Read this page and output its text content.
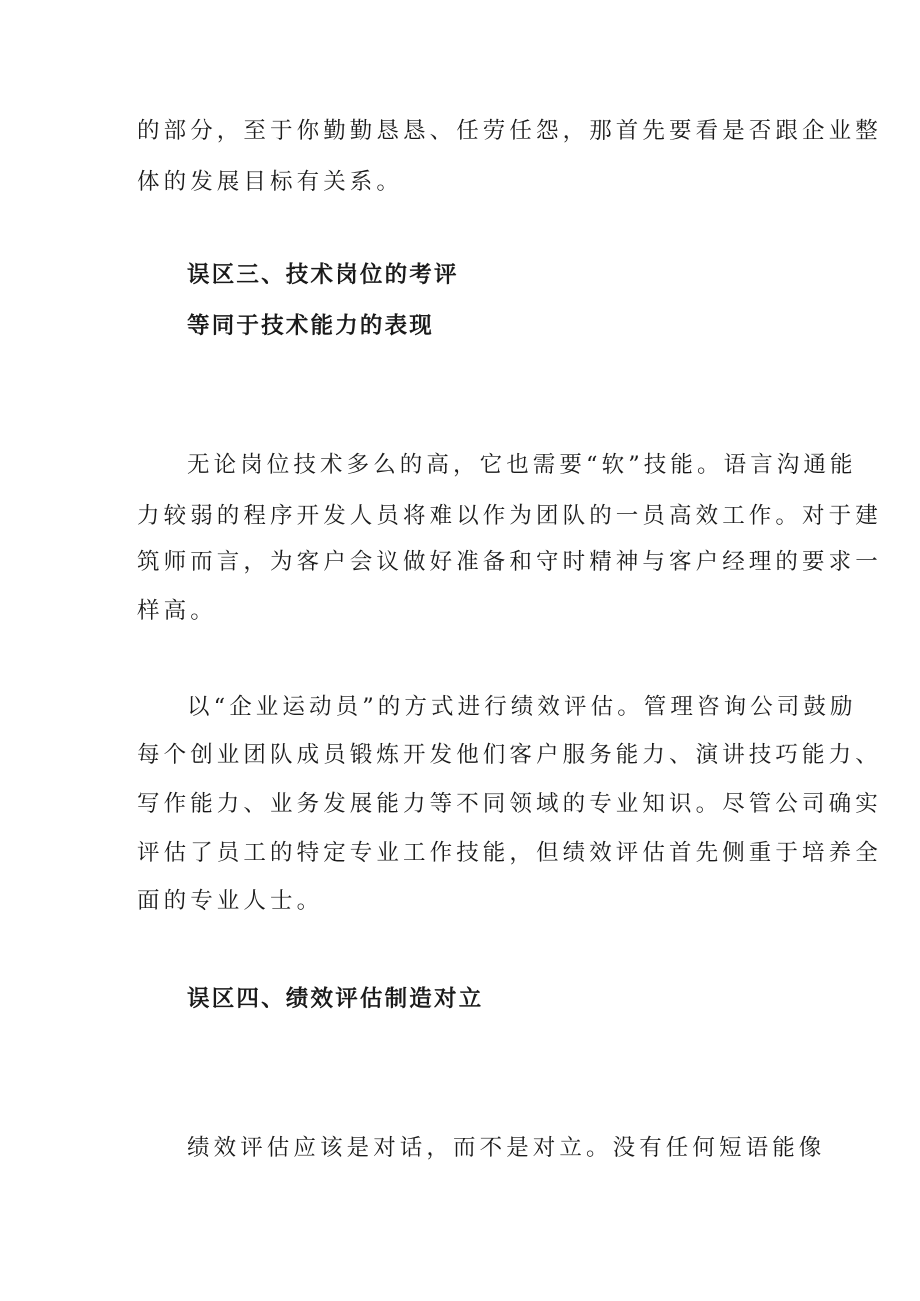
的部分，至于你勤勤恳恳、任劳任怨，那首先要看是否跟企业整
体的发展目标有关系。
误区三、技术岗位的考评
等同于技术能力的表现
无论岗位技术多么的高，它也需要“软”技能。语言沟通能
力较弱的程序开发人员将难以作为团队的一员高效工作。对于建
筑师而言，为客户会议做好准备和守时精神与客户经理的要求一
样高。
以“企业运动员”的方式进行绩效评估。管理咨询公司鼓励
每个创业团队成员锻炼开发他们客户服务能力、演讲技巧能力、
写作能力、业务发展能力等不同领域的专业知识。尽管公司确实
评估了员工的特定专业工作技能，但绩效评估首先侧重于培养全
面的专业人士。
误区四、绩效评估制造对立
绩效评估应该是对话，而不是对立。没有任何短语能像
